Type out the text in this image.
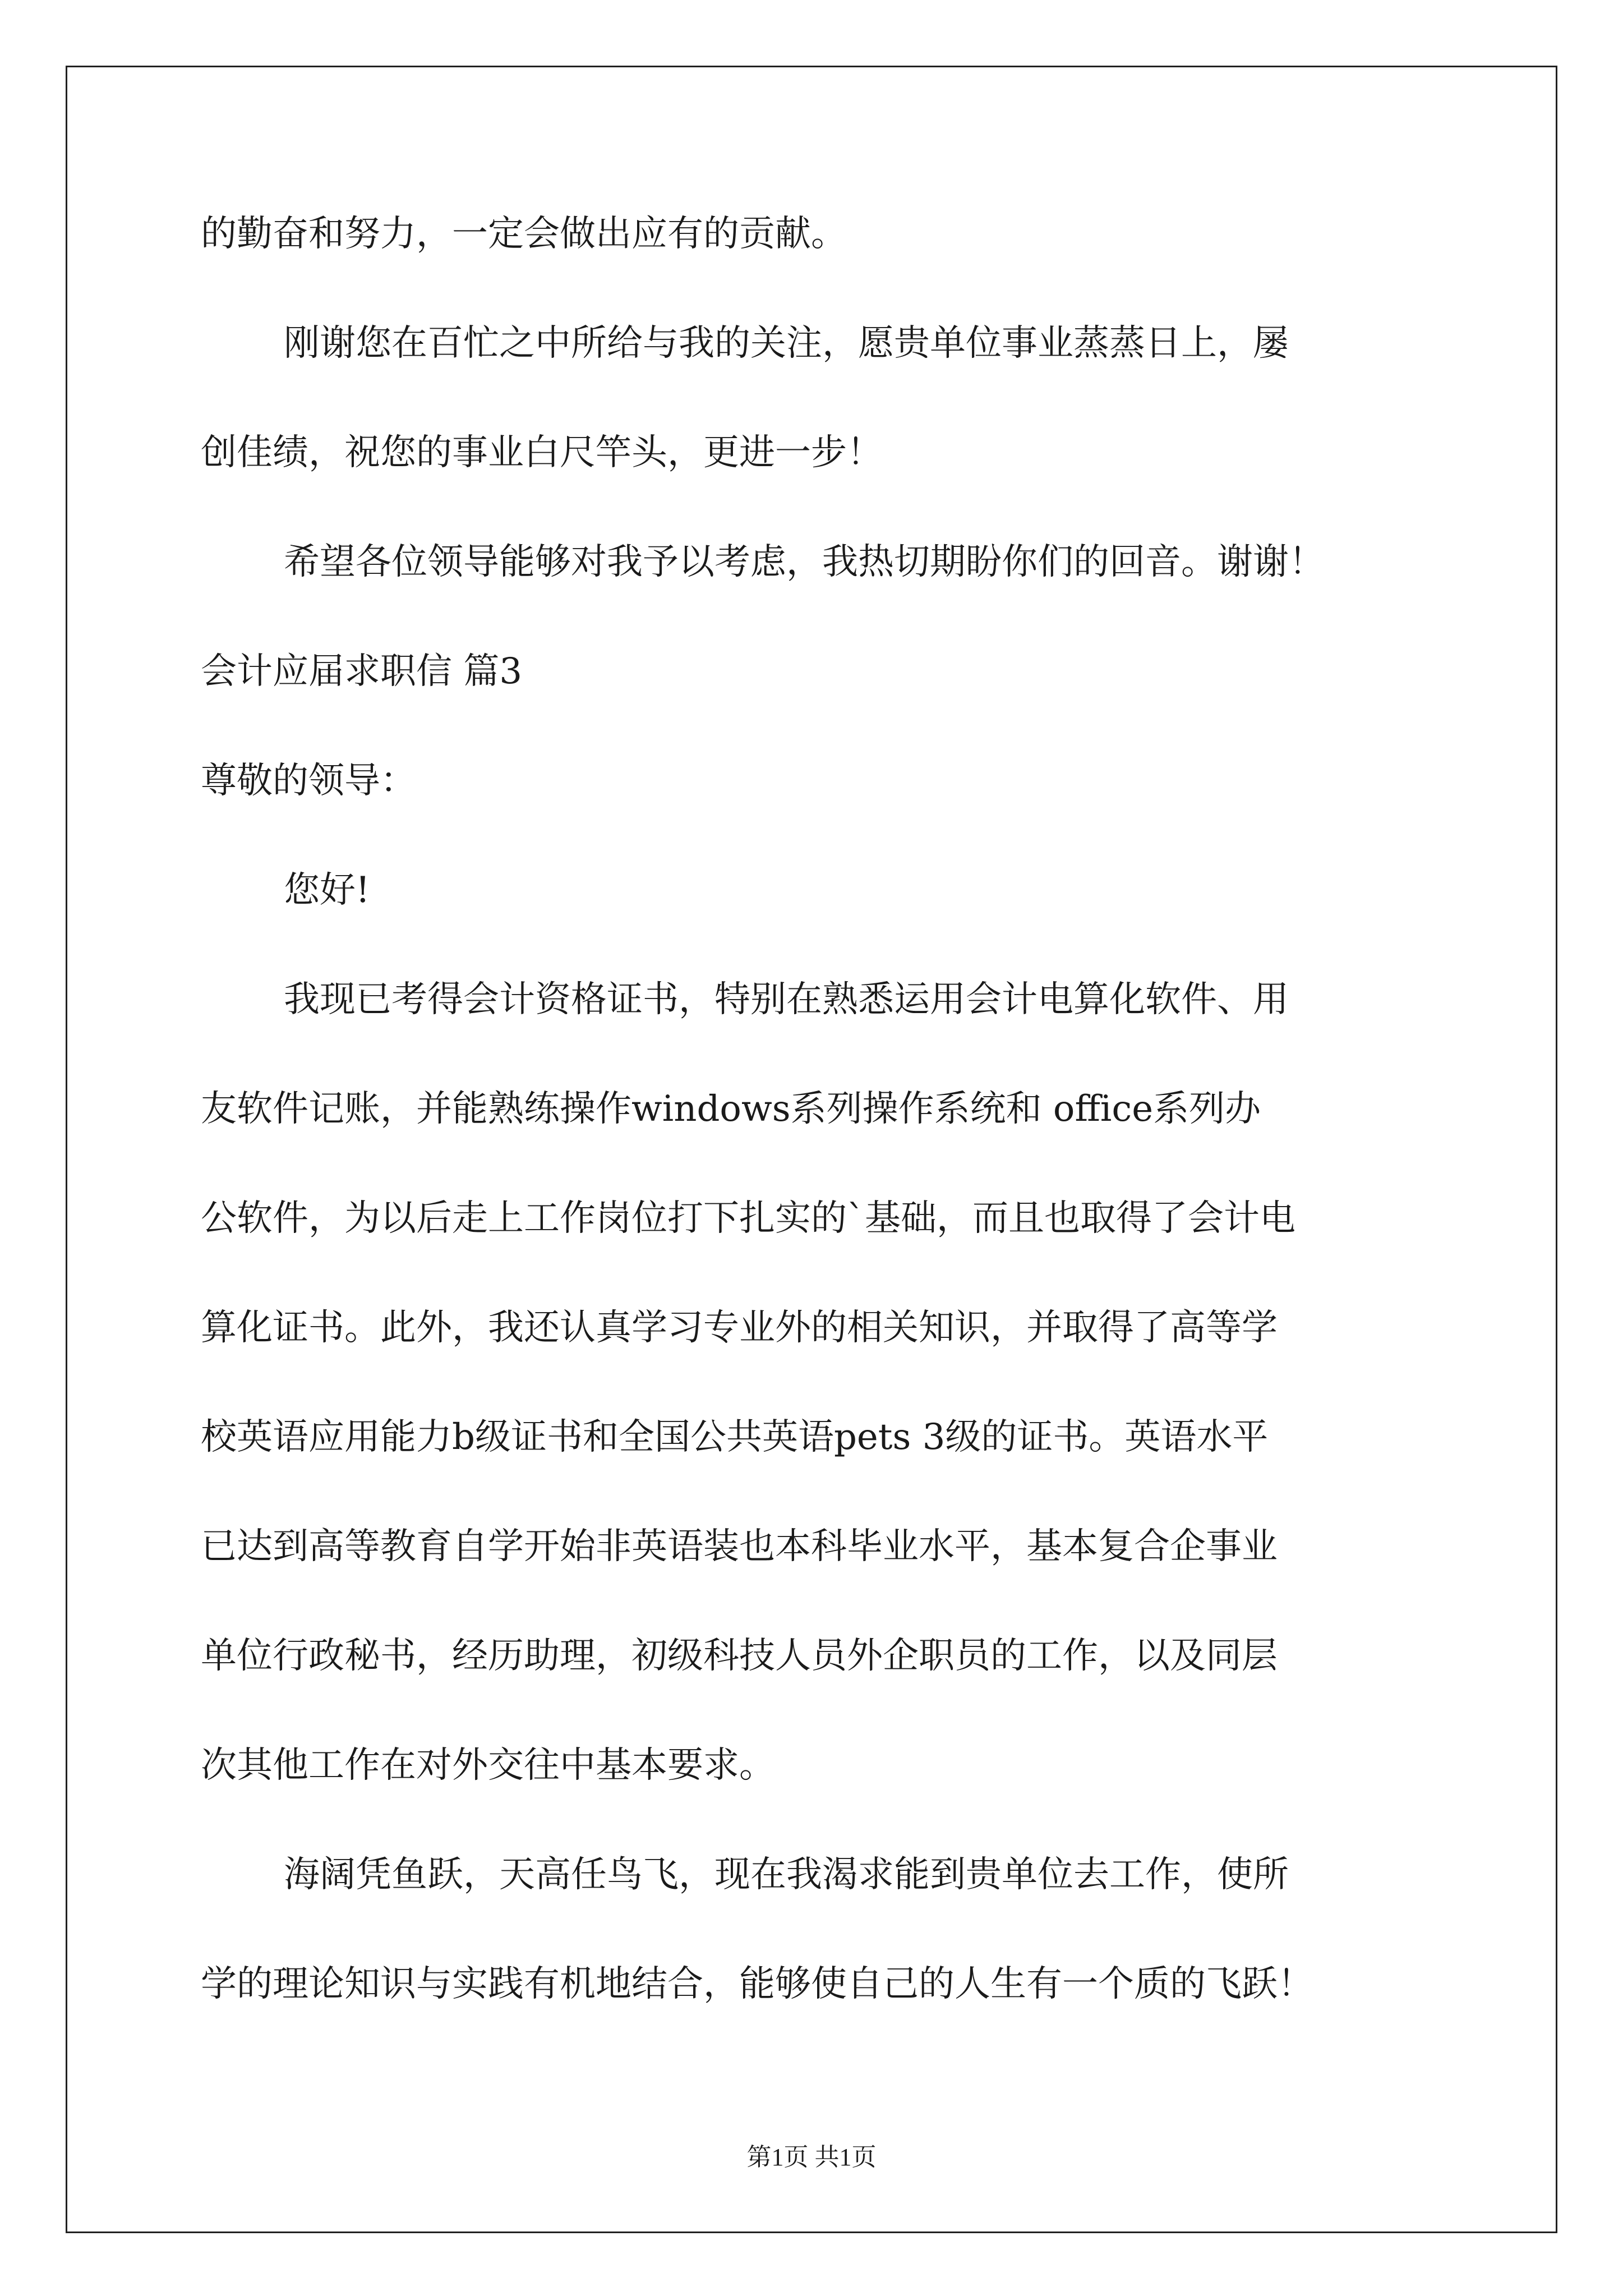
的勤奋和努力，一定会做出应有的贡献。

刚谢您在百忙之中所给与我的关注，愿贵单位事业蒸蒸日上，屡

创佳绩，祝您的事业白尺竿头，更进一步！

希望各位领导能够对我予以考虑，我热切期盼你们的回音。谢谢！

会计应届求职信 篇3

尊敬的领导：

您好!

我现已考得会计资格证书，特别在熟悉运用会计电算化软件、用

友软件记账，并能熟练操作windows系列操作系统和 office系列办

公软件，为以后走上工作岗位打下扎实的`基础，而且也取得了会计电

算化证书。此外，我还认真学习专业外的相关知识，并取得了高等学

校英语应用能力b级证书和全国公共英语pets 3级的证书。英语水平

已达到高等教育自学开始非英语装也本科毕业水平，基本复合企事业

单位行政秘书，经历助理，初级科技人员外企职员的工作，以及同层

次其他工作在对外交往中基本要求。

海阔凭鱼跃，天高任鸟飞，现在我渴求能到贵单位去工作，使所

学的理论知识与实践有机地结合，能够使自己的人生有一个质的飞跃！

第1页 共1页
